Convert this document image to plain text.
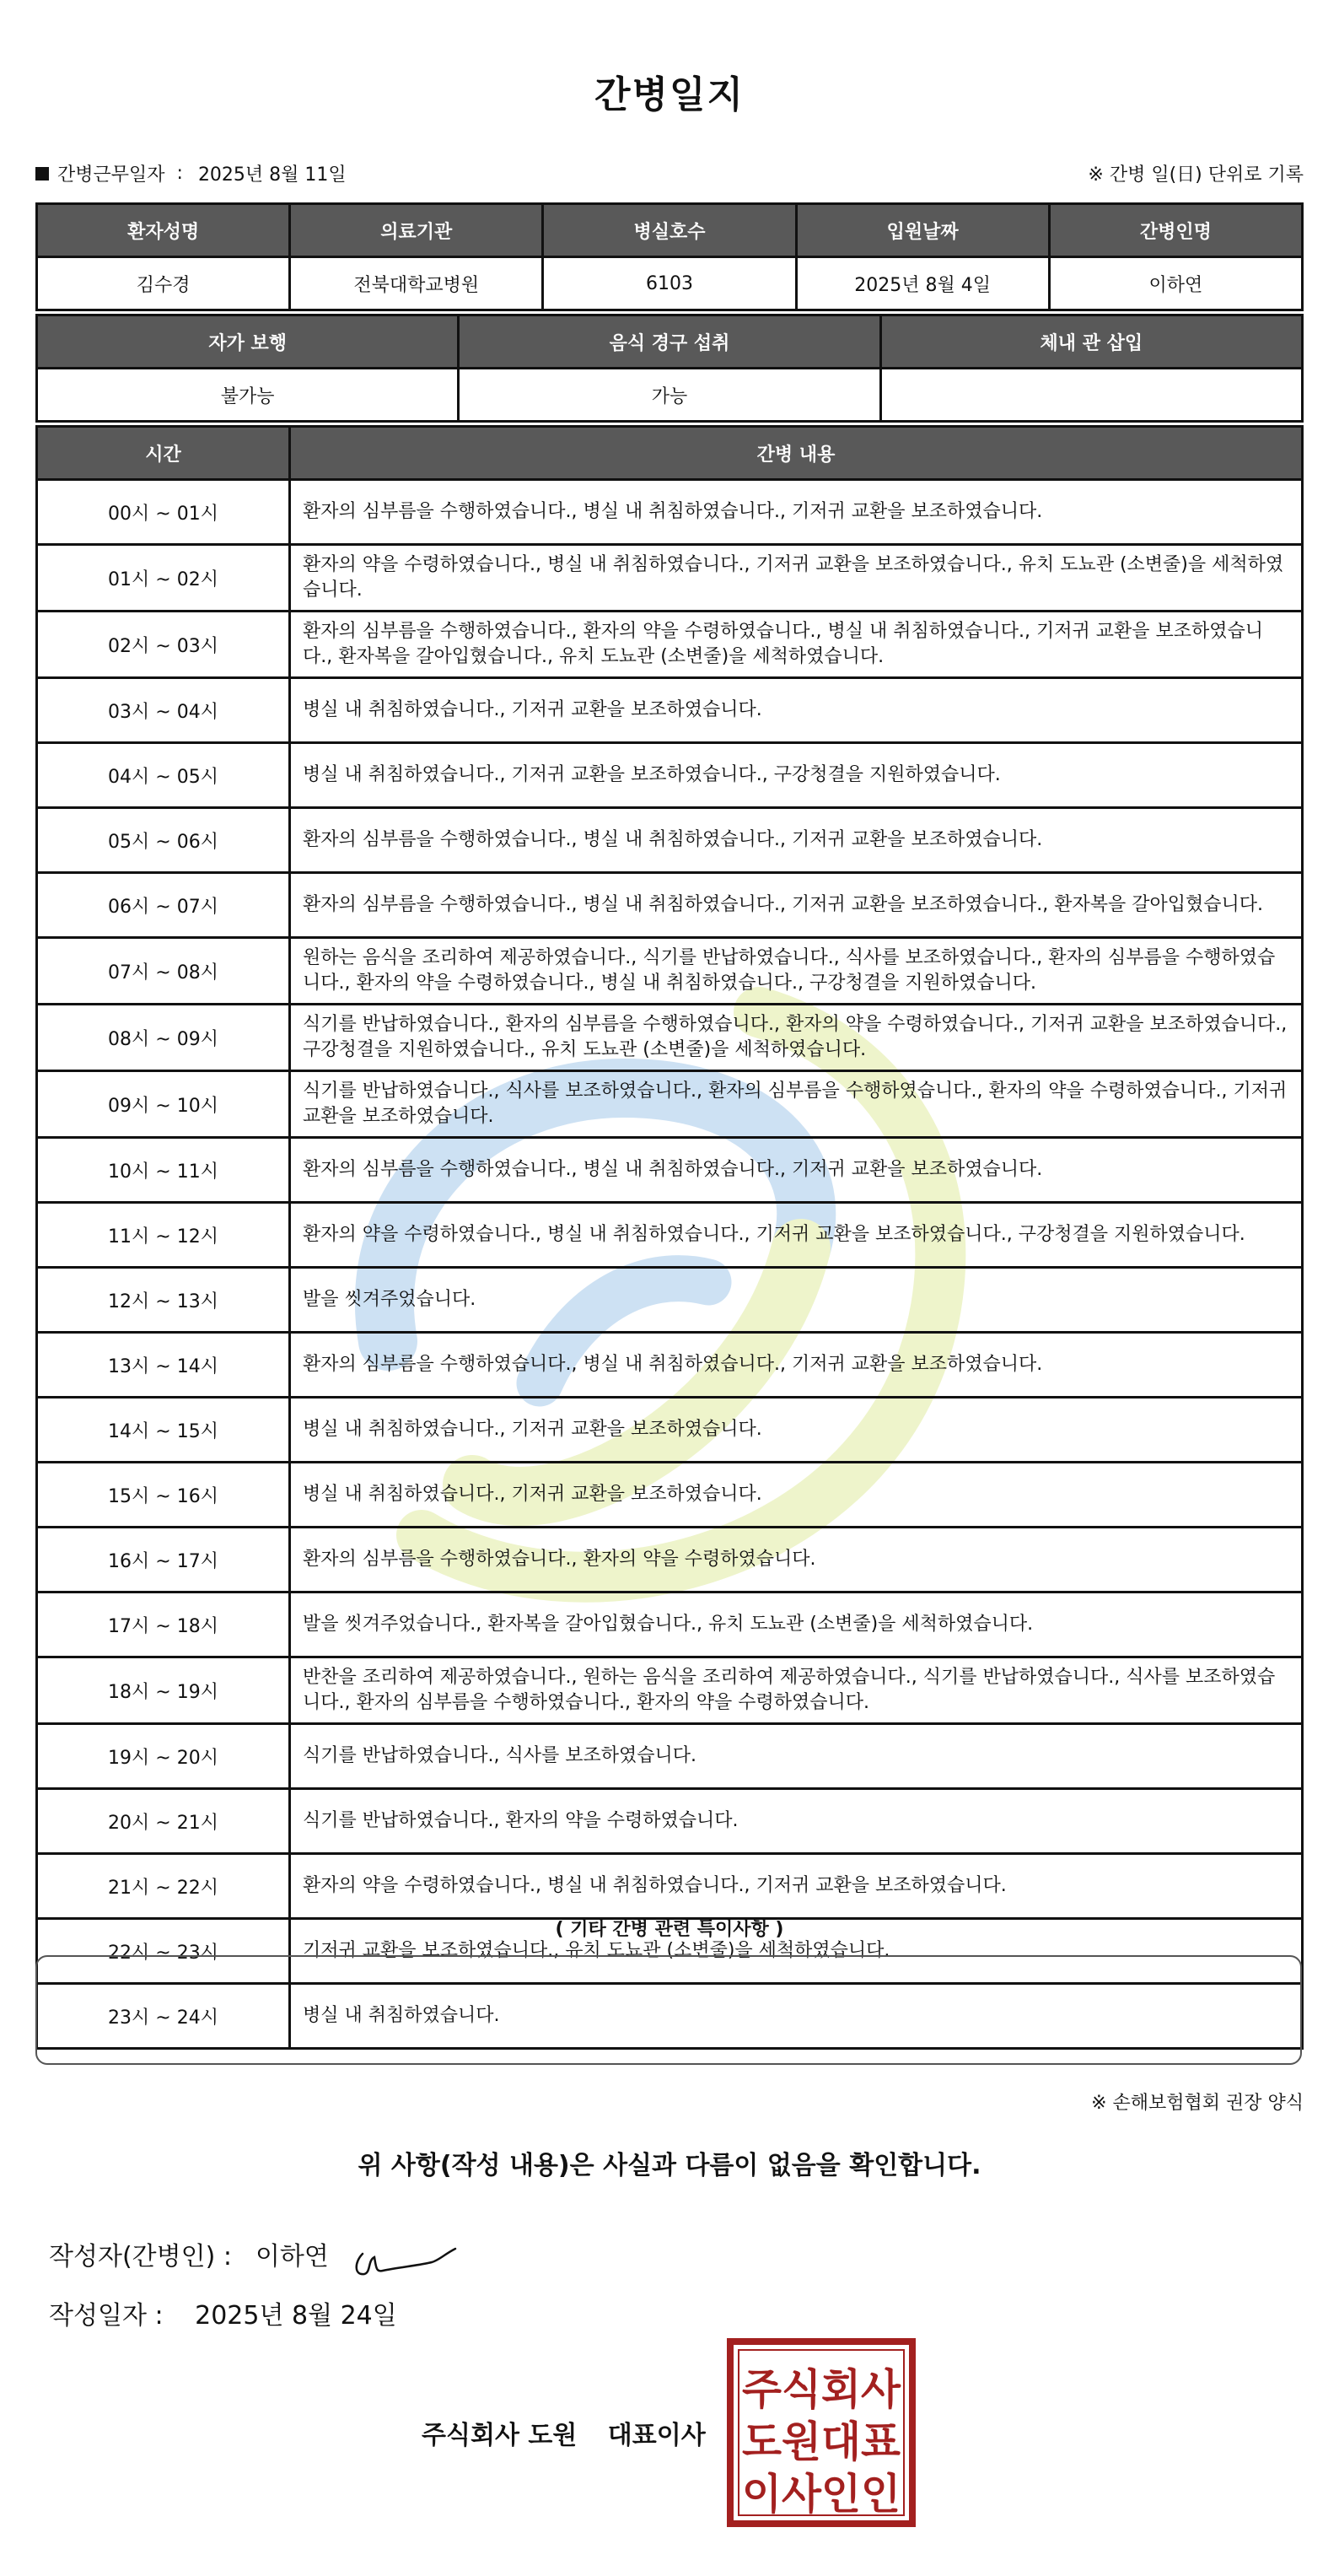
간병일지
간병근무일자 : 2025년 8월 11일	※ 간병 일(日) 단위로 기록
환자성명	의료기관	병실호수	입원날짜	간병인명
김수경	전북대학교병원	6103	2025년 8월 4일	이하연
자가 보행	음식 경구 섭취	체내 관 삽입
불가능	가능	
시간	간병 내용
00시 ~ 01시	환자의 심부름을 수행하였습니다., 병실 내 취침하였습니다., 기저귀 교환을 보조하였습니다.
01시 ~ 02시	환자의 약을 수령하였습니다., 병실 내 취침하였습니다., 기저귀 교환을 보조하였습니다., 유치 도뇨관 (소변줄)을 세척하였습니다.
02시 ~ 03시	환자의 심부름을 수행하였습니다., 환자의 약을 수령하였습니다., 병실 내 취침하였습니다., 기저귀 교환을 보조하였습니다., 환자복을 갈아입혔습니다., 유치 도뇨관 (소변줄)을 세척하였습니다.
03시 ~ 04시	병실 내 취침하였습니다., 기저귀 교환을 보조하였습니다.
04시 ~ 05시	병실 내 취침하였습니다., 기저귀 교환을 보조하였습니다., 구강청결을 지원하였습니다.
05시 ~ 06시	환자의 심부름을 수행하였습니다., 병실 내 취침하였습니다., 기저귀 교환을 보조하였습니다.
06시 ~ 07시	환자의 심부름을 수행하였습니다., 병실 내 취침하였습니다., 기저귀 교환을 보조하였습니다., 환자복을 갈아입혔습니다.
07시 ~ 08시	원하는 음식을 조리하여 제공하였습니다., 식기를 반납하였습니다., 식사를 보조하였습니다., 환자의 심부름을 수행하였습니다., 환자의 약을 수령하였습니다., 병실 내 취침하였습니다., 구강청결을 지원하였습니다.
08시 ~ 09시	식기를 반납하였습니다., 환자의 심부름을 수행하였습니다., 환자의 약을 수령하였습니다., 기저귀 교환을 보조하였습니다., 구강청결을 지원하였습니다., 유치 도뇨관 (소변줄)을 세척하였습니다.
09시 ~ 10시	식기를 반납하였습니다., 식사를 보조하였습니다., 환자의 심부름을 수행하였습니다., 환자의 약을 수령하였습니다., 기저귀 교환을 보조하였습니다.
10시 ~ 11시	환자의 심부름을 수행하였습니다., 병실 내 취침하였습니다., 기저귀 교환을 보조하였습니다.
11시 ~ 12시	환자의 약을 수령하였습니다., 병실 내 취침하였습니다., 기저귀 교환을 보조하였습니다., 구강청결을 지원하였습니다.
12시 ~ 13시	발을 씻겨주었습니다.
13시 ~ 14시	환자의 심부름을 수행하였습니다., 병실 내 취침하였습니다., 기저귀 교환을 보조하였습니다.
14시 ~ 15시	병실 내 취침하였습니다., 기저귀 교환을 보조하였습니다.
15시 ~ 16시	병실 내 취침하였습니다., 기저귀 교환을 보조하였습니다.
16시 ~ 17시	환자의 심부름을 수행하였습니다., 환자의 약을 수령하였습니다.
17시 ~ 18시	발을 씻겨주었습니다., 환자복을 갈아입혔습니다., 유치 도뇨관 (소변줄)을 세척하였습니다.
18시 ~ 19시	반찬을 조리하여 제공하였습니다., 원하는 음식을 조리하여 제공하였습니다., 식기를 반납하였습니다., 식사를 보조하였습니다., 환자의 심부름을 수행하였습니다., 환자의 약을 수령하였습니다.
19시 ~ 20시	식기를 반납하였습니다., 식사를 보조하였습니다.
20시 ~ 21시	식기를 반납하였습니다., 환자의 약을 수령하였습니다.
21시 ~ 22시	환자의 약을 수령하였습니다., 병실 내 취침하였습니다., 기저귀 교환을 보조하였습니다.
22시 ~ 23시	기저귀 교환을 보조하였습니다., 유치 도뇨관 (소변줄)을 세척하였습니다.
23시 ~ 24시	병실 내 취침하였습니다.
( 기타 간병 관련 특이사항 )
※ 손해보험협회 권장 양식
위 사항(작성 내용)은 사실과 다름이 없음을 확인합니다.
작성자(간병인) : 이하연
작성일자 : 2025년 8월 24일
주식회사 도원 대표이사
주식회사
도원대표
이사인인
